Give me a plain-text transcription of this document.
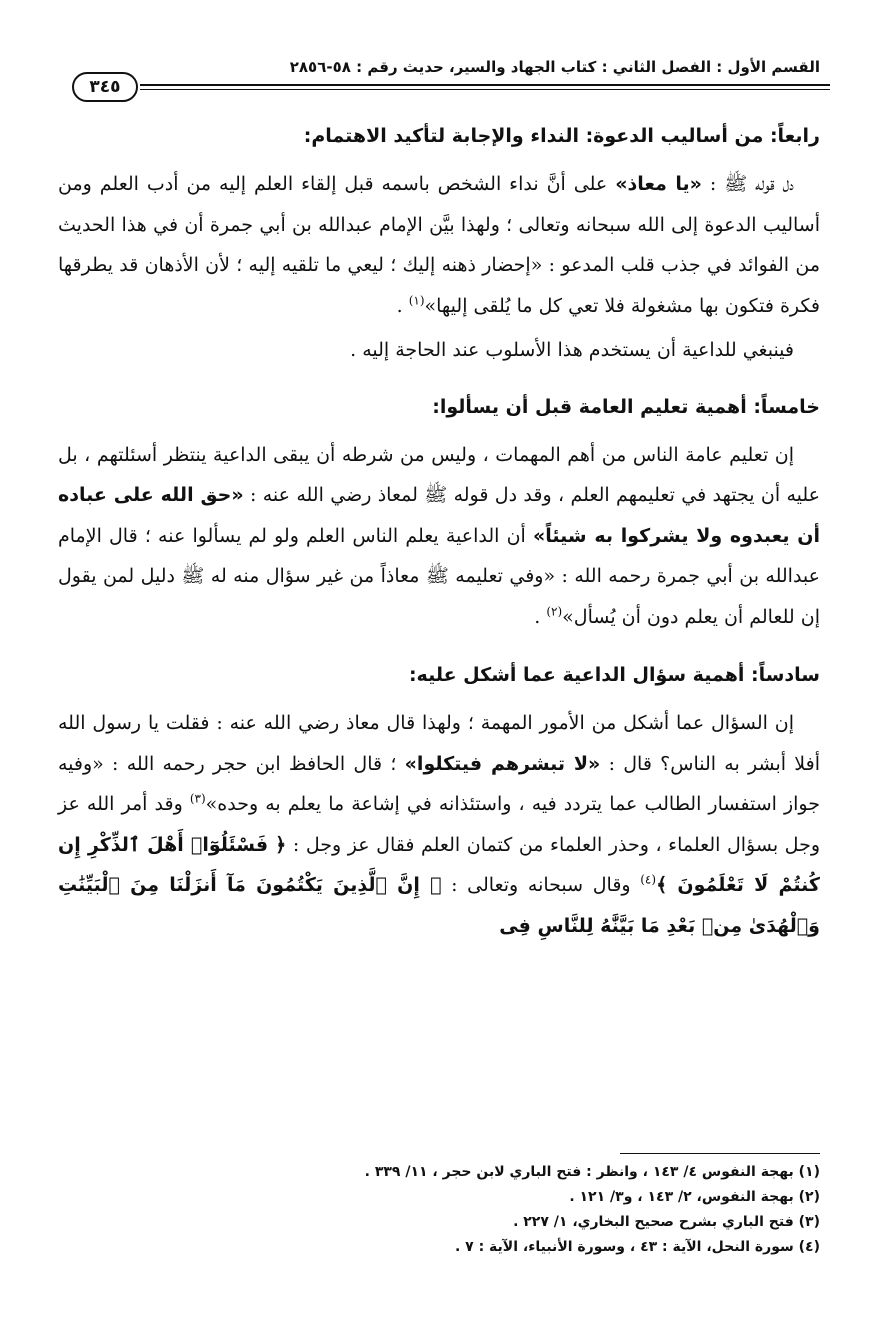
القسم الأول : الفصل الثاني : كتاب الجهاد والسير، حديث رقم : ٥٨-٢٨٥٦
٣٤٥
رابعاً: من أساليب الدعوة: النداء والإجابة لتأكيد الاهتمام:

دل قوله ﷺ : «يا معاذ» على أنَّ نداء الشخص باسمه قبل إلقاء العلم إليه من أدب العلم ومن أساليب الدعوة إلى الله سبحانه وتعالى ؛ ولهذا بيَّن الإمام عبدالله بن أبي جمرة أن في هذا الحديث من الفوائد في جذب قلب المدعو : «إحضار ذهنه إليك ؛ ليعي ما تلقيه إليه ؛ لأن الأذهان قد يطرقها فكرة فتكون بها مشغولة فلا تعي كل ما يُلقى إليها»$^{(١)}$ .

فينبغي للداعية أن يستخدم هذا الأسلوب عند الحاجة إليه .

خامساً: أهمية تعليم العامة قبل أن يسألوا:

إن تعليم عامة الناس من أهم المهمات ، وليس من شرطه أن يبقى الداعية ينتظر أسئلتهم ، بل عليه أن يجتهد في تعليمهم العلم ، وقد دل قوله ﷺ لمعاذ رضي الله عنه : «حق الله على عباده أن يعبدوه ولا يشركوا به شيئاً» أن الداعية يعلم الناس العلم ولو لم يسألوا عنه ؛ قال الإمام عبدالله بن أبي جمرة رحمه الله : «وفي تعليمه ﷺ معاذاً من غير سؤال منه له ﷺ دليل لمن يقول إن للعالم أن يعلم دون أن يُسأل»$^{(٢)}$ .

سادساً: أهمية سؤال الداعية عما أشكل عليه:

إن السؤال عما أشكل من الأمور المهمة ؛ ولهذا قال معاذ رضي الله عنه : فقلت يا رسول الله أفلا أبشر به الناس؟ قال : «لا تبشرهم فيتكلوا» ؛ قال الحافظ ابن حجر رحمه الله : «وفيه جواز استفسار الطالب عما يتردد فيه ، واستئذانه في إشاعة ما يعلم به وحده»$^{(٣)}$ وقد أمر الله عز وجل بسؤال العلماء ، وحذر العلماء من كتمان العلم فقال عز وجل : ﴿ فَسْئَلُوٓا۟ أَهْلَ ٱلذِّكْرِ إِن كُنتُمْ لَا تَعْلَمُونَ ﴾$^{(٤)}$ وقال سبحانه وتعالى : ﴿ إِنَّ ٱلَّذِينَ يَكْتُمُونَ مَآ أَنزَلْنَا مِنَ ٱلْبَيِّنَٰتِ وَٱلْهُدَىٰ مِنۢ بَعْدِ مَا بَيَّنَّٰهُ لِلنَّاسِ فِى

(١) بهجة النفوس ٤/ ١٤٣ ، وانظر : فتح الباري لابن حجر ، ١١/ ٣٣٩ .
(٢) بهجة النفوس، ٢/ ١٤٣ ، و٣/ ١٢١ .
(٣) فتح الباري بشرح صحيح البخاري، ١/ ٢٢٧ .
(٤) سورة النحل، الآية : ٤٣ ، وسورة الأنبياء، الآية : ٧ .
